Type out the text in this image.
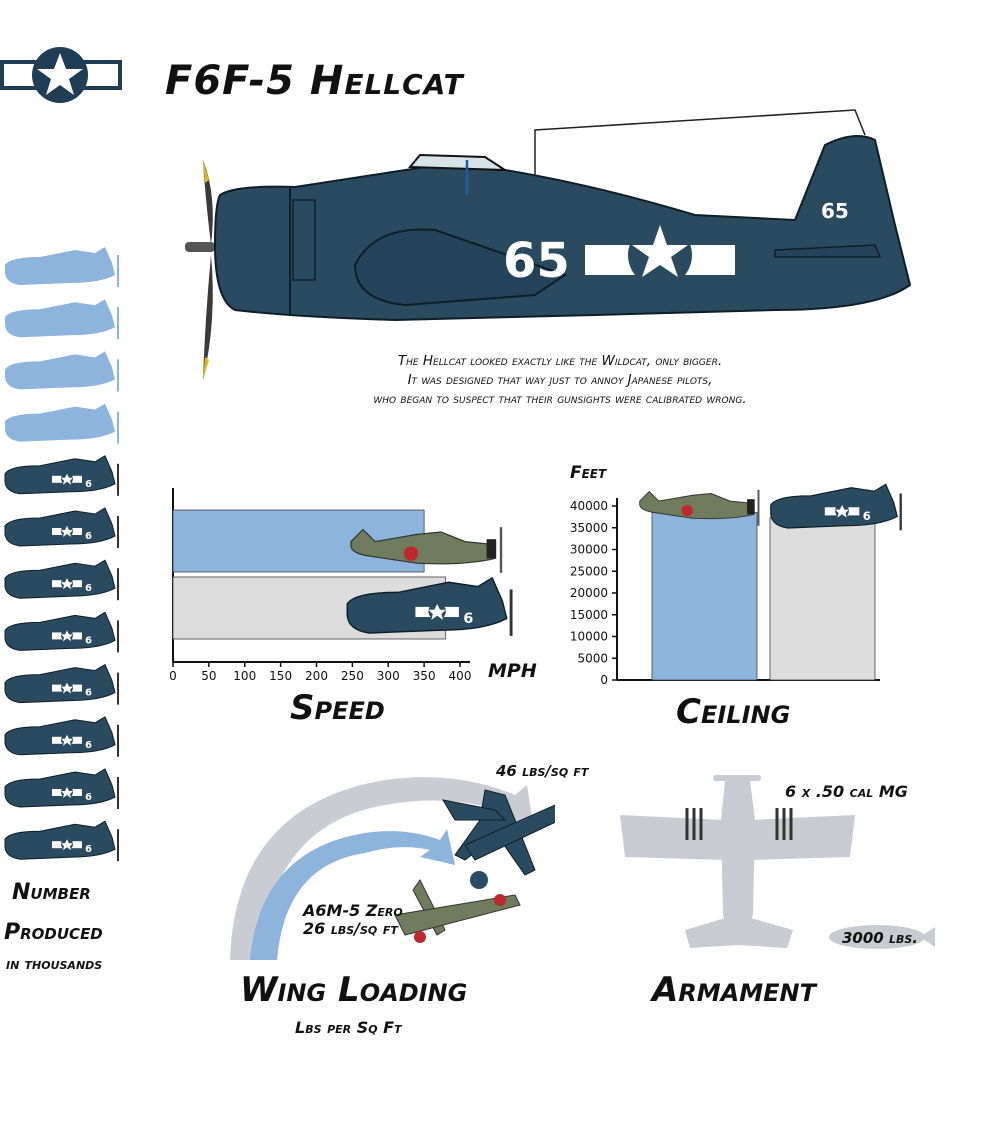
F6F-5 Hellcat
65
65
The Hellcat looked exactly like the Wildcat, only bigger.
It was designed that way just to annoy Japanese pilots,
who began to suspect that their gunsights were calibrated wrong.
6
6
6
6
6
6
6
6
Number
Produced
in thousands
0 50 100 150 200 250 300 350 400
6
MPH
Speed
Feet
0
5000
10000
15000
20000
25000
30000
35000
40000
6
Ceiling
46 lbs/sq ft
A6M-5 Zero
26 lbs/sq ft
Wing Loading
Lbs per Sq Ft
6 x .50 cal MG
3000 lbs.
Armament
